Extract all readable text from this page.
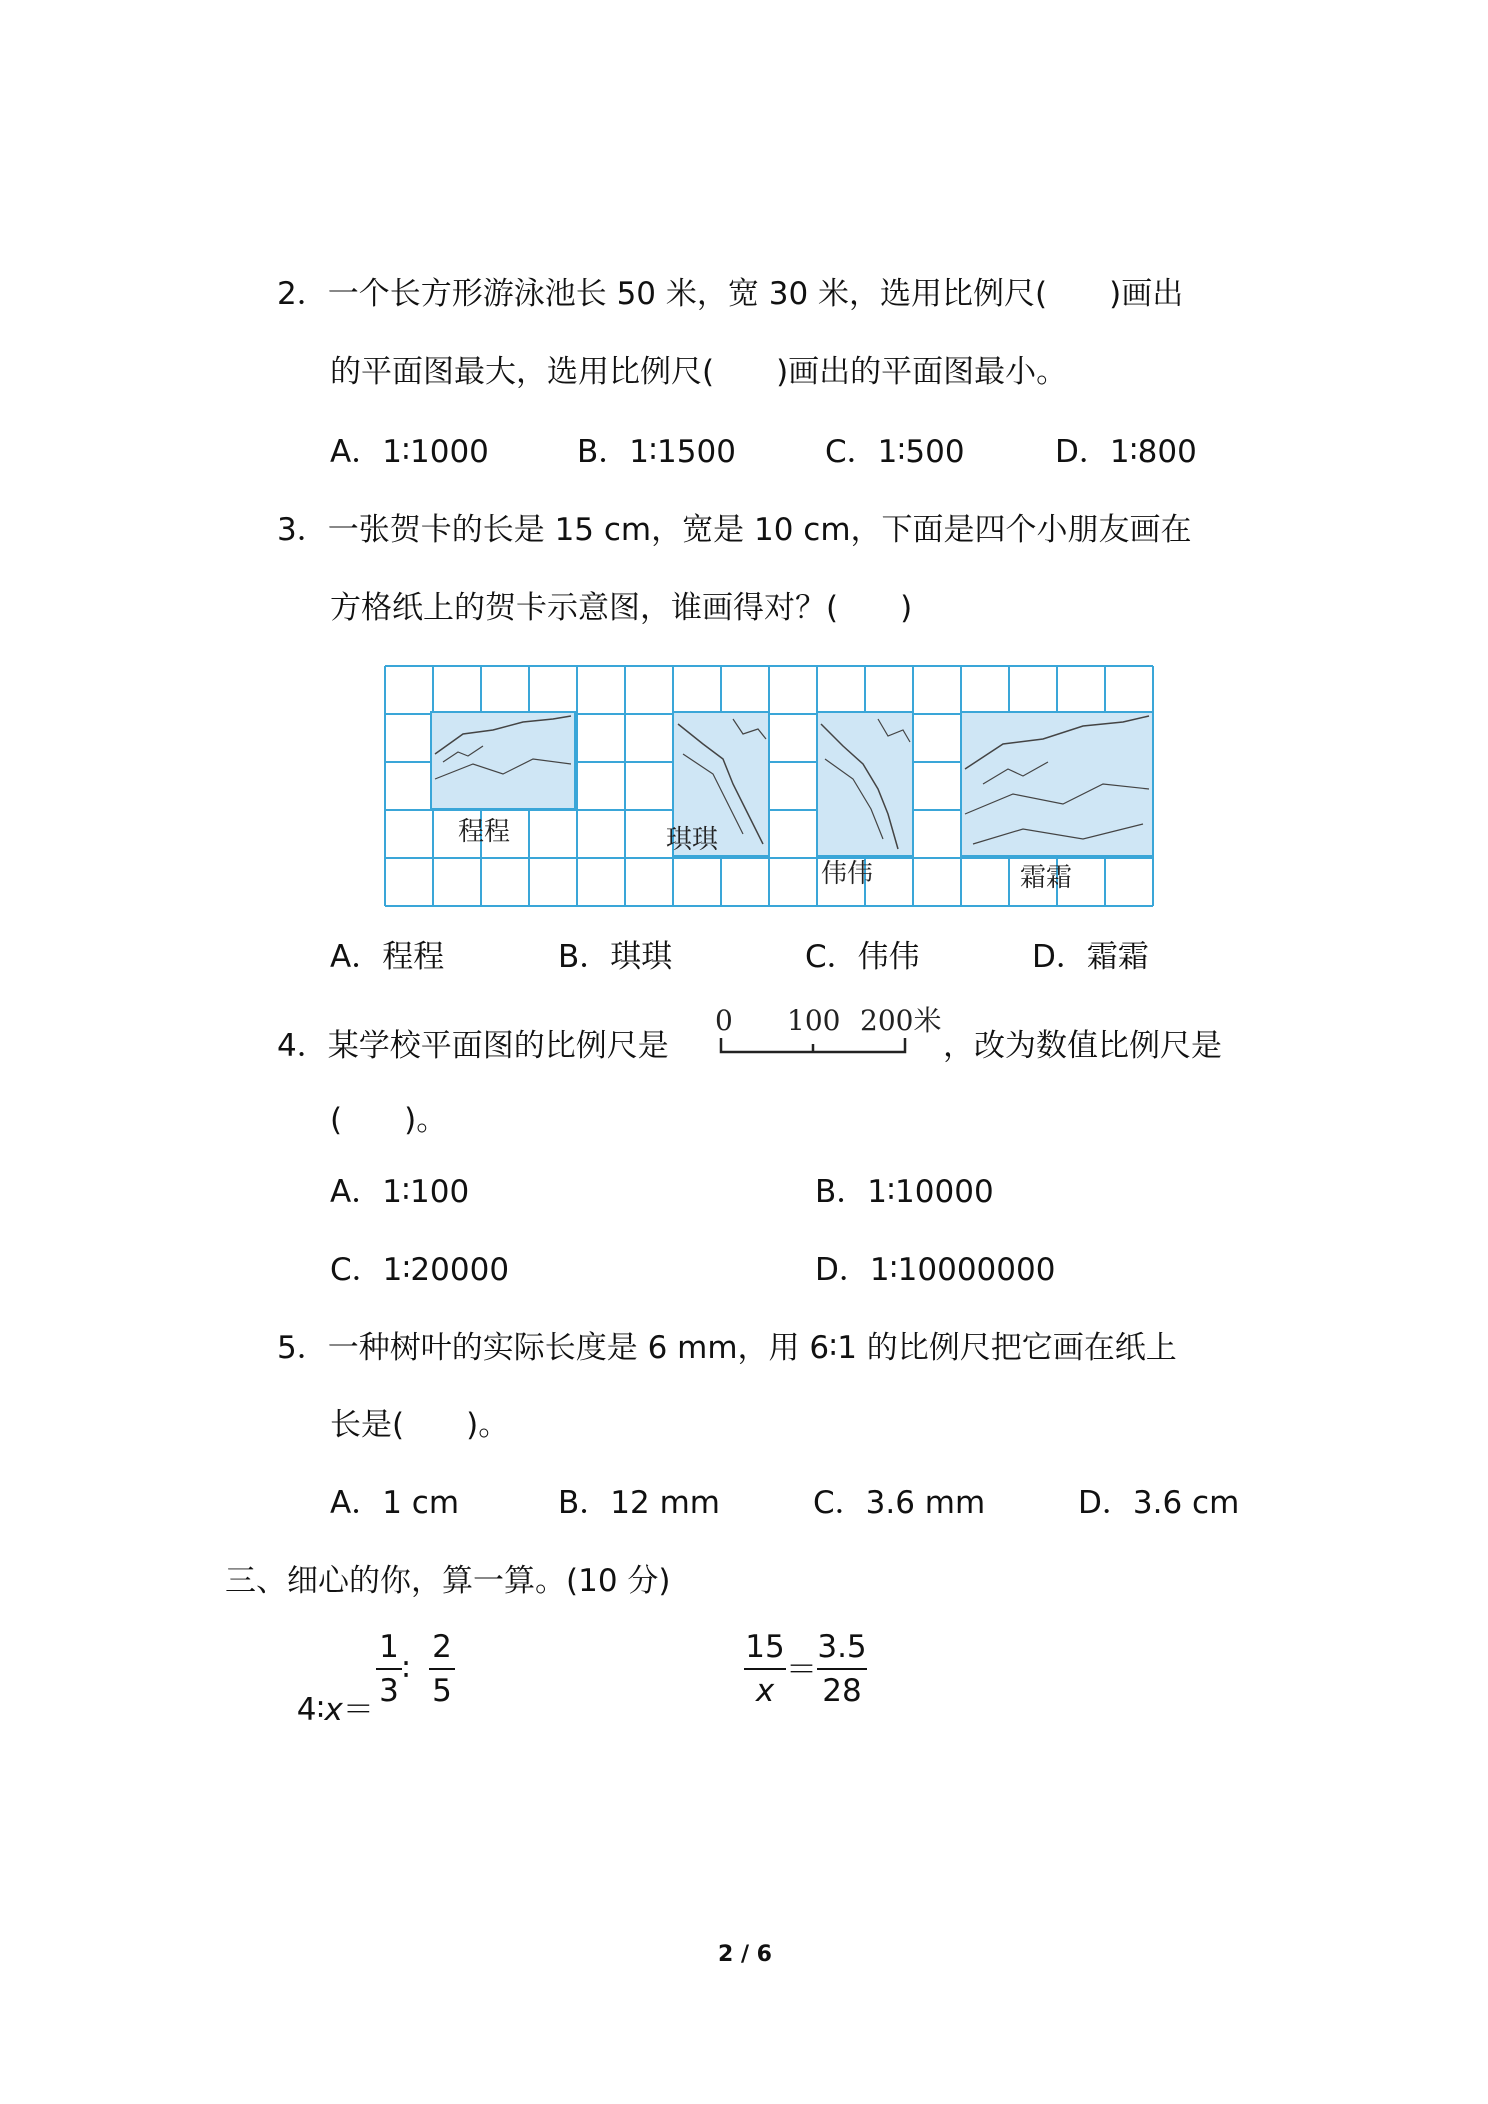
2．一个长方形游泳池长 50 米，宽 30 米，选用比例尺(　　)画出
的平面图最大，选用比例尺(　　)画出的平面图最小。
A．1∶1000	B．1∶1500	C．1∶500	D．1∶800
3．一张贺卡的长是 15 cm，宽是 10 cm，下面是四个小朋友画在
方格纸上的贺卡示意图，谁画得对？(　　)
程程	琪琪
伟伟	霜霜
A．程程	B．琪琪	C．伟伟	D．霜霜
4．某学校平面图的比例尺是
0 100 200米
，改为数值比例尺是
(　　)。
A．1∶100	B．1∶10000
C．1∶20000	D．1∶10000000
5．一种树叶的实际长度是 6 mm，用 6∶1 的比例尺把它画在纸上
长是(　　)。
A．1 cm	B．12 mm	C．3.6 mm	D．3.6 cm
三、细心的你，算一算。(10 分)

4∶x＝

1
3
∶
2
5
15
x
＝
3.5
28
2 / 6
